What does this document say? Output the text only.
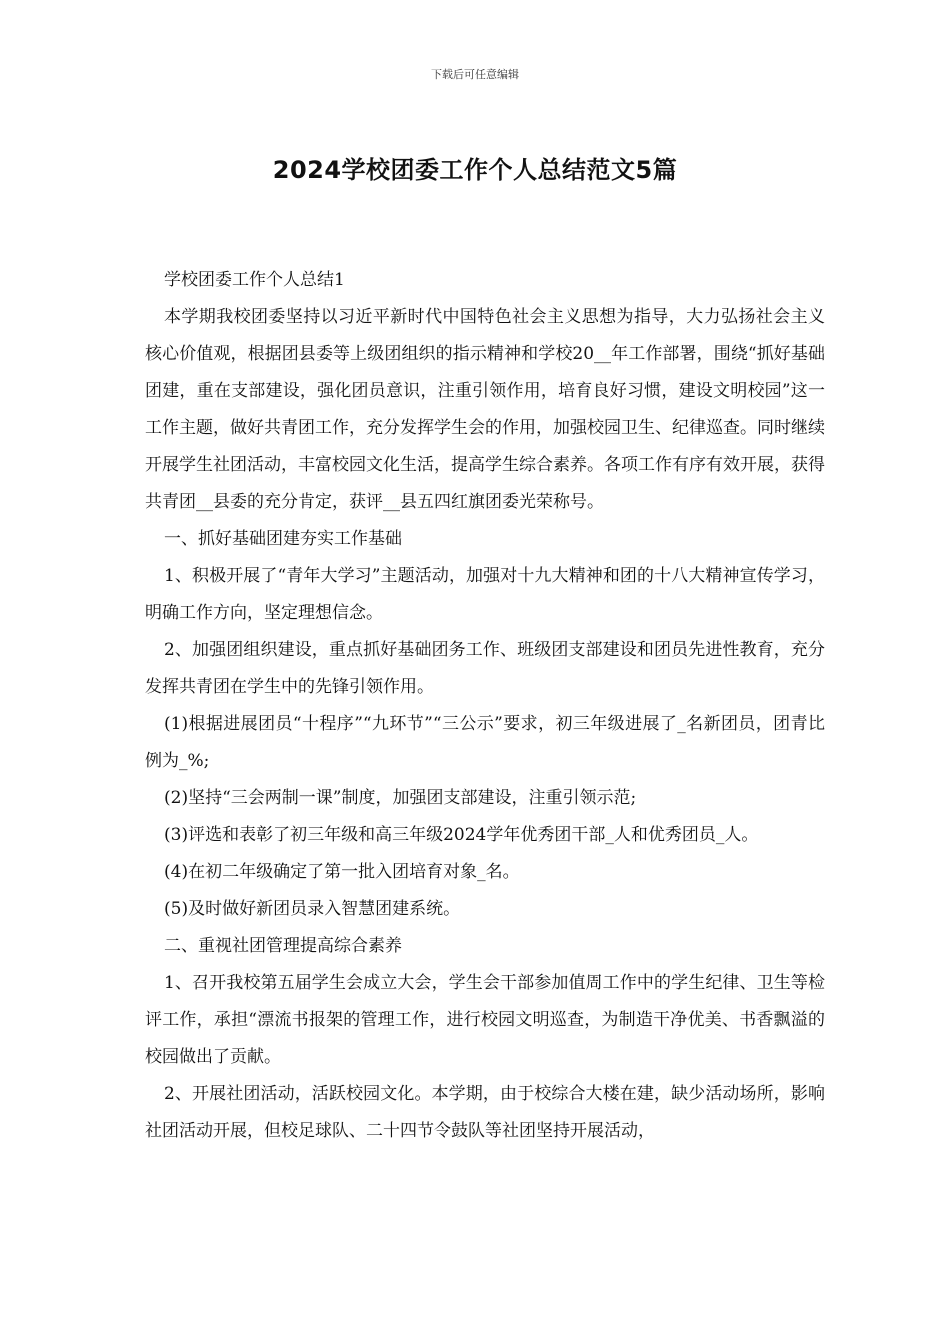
下载后可任意编辑
2024学校团委工作个人总结范文5篇

学校团委工作个人总结1

本学期我校团委坚持以习近平新时代中国特色社会主义思想为指导，大力弘扬社会主义核心价值观，根据团县委等上级团组织的指示精神和学校20__年工作部署，围绕“抓好基础团建，重在支部建设，强化团员意识，注重引领作用，培育良好习惯，建设文明校园”这一工作主题，做好共青团工作，充分发挥学生会的作用，加强校园卫生、纪律巡查。同时继续开展学生社团活动，丰富校园文化生活，提高学生综合素养。各项工作有序有效开展，获得共青团__县委的充分肯定，获评__县五四红旗团委光荣称号。

一、抓好基础团建夯实工作基础

1、积极开展了“青年大学习”主题活动，加强对十九大精神和团的十八大精神宣传学习，明确工作方向，坚定理想信念。

2、加强团组织建设，重点抓好基础团务工作、班级团支部建设和团员先进性教育，充分发挥共青团在学生中的先锋引领作用。

(1)根据进展团员“十程序”“九环节”“三公示”要求，初三年级进展了_名新团员，团青比例为_%;

(2)坚持“三会两制一课”制度，加强团支部建设，注重引领示范;

(3)评选和表彰了初三年级和高三年级2024学年优秀团干部_人和优秀团员_人。

(4)在初二年级确定了第一批入团培育对象_名。

(5)及时做好新团员录入智慧团建系统。

二、重视社团管理提高综合素养

1、召开我校第五届学生会成立大会，学生会干部参加值周工作中的学生纪律、卫生等检评工作，承担“漂流书报架的管理工作，进行校园文明巡查，为制造干净优美、书香飘溢的校园做出了贡献。

2、开展社团活动，活跃校园文化。本学期，由于校综合大楼在建，缺少活动场所，影响社团活动开展，但校足球队、二十四节令鼓队等社团坚持开展活动，
